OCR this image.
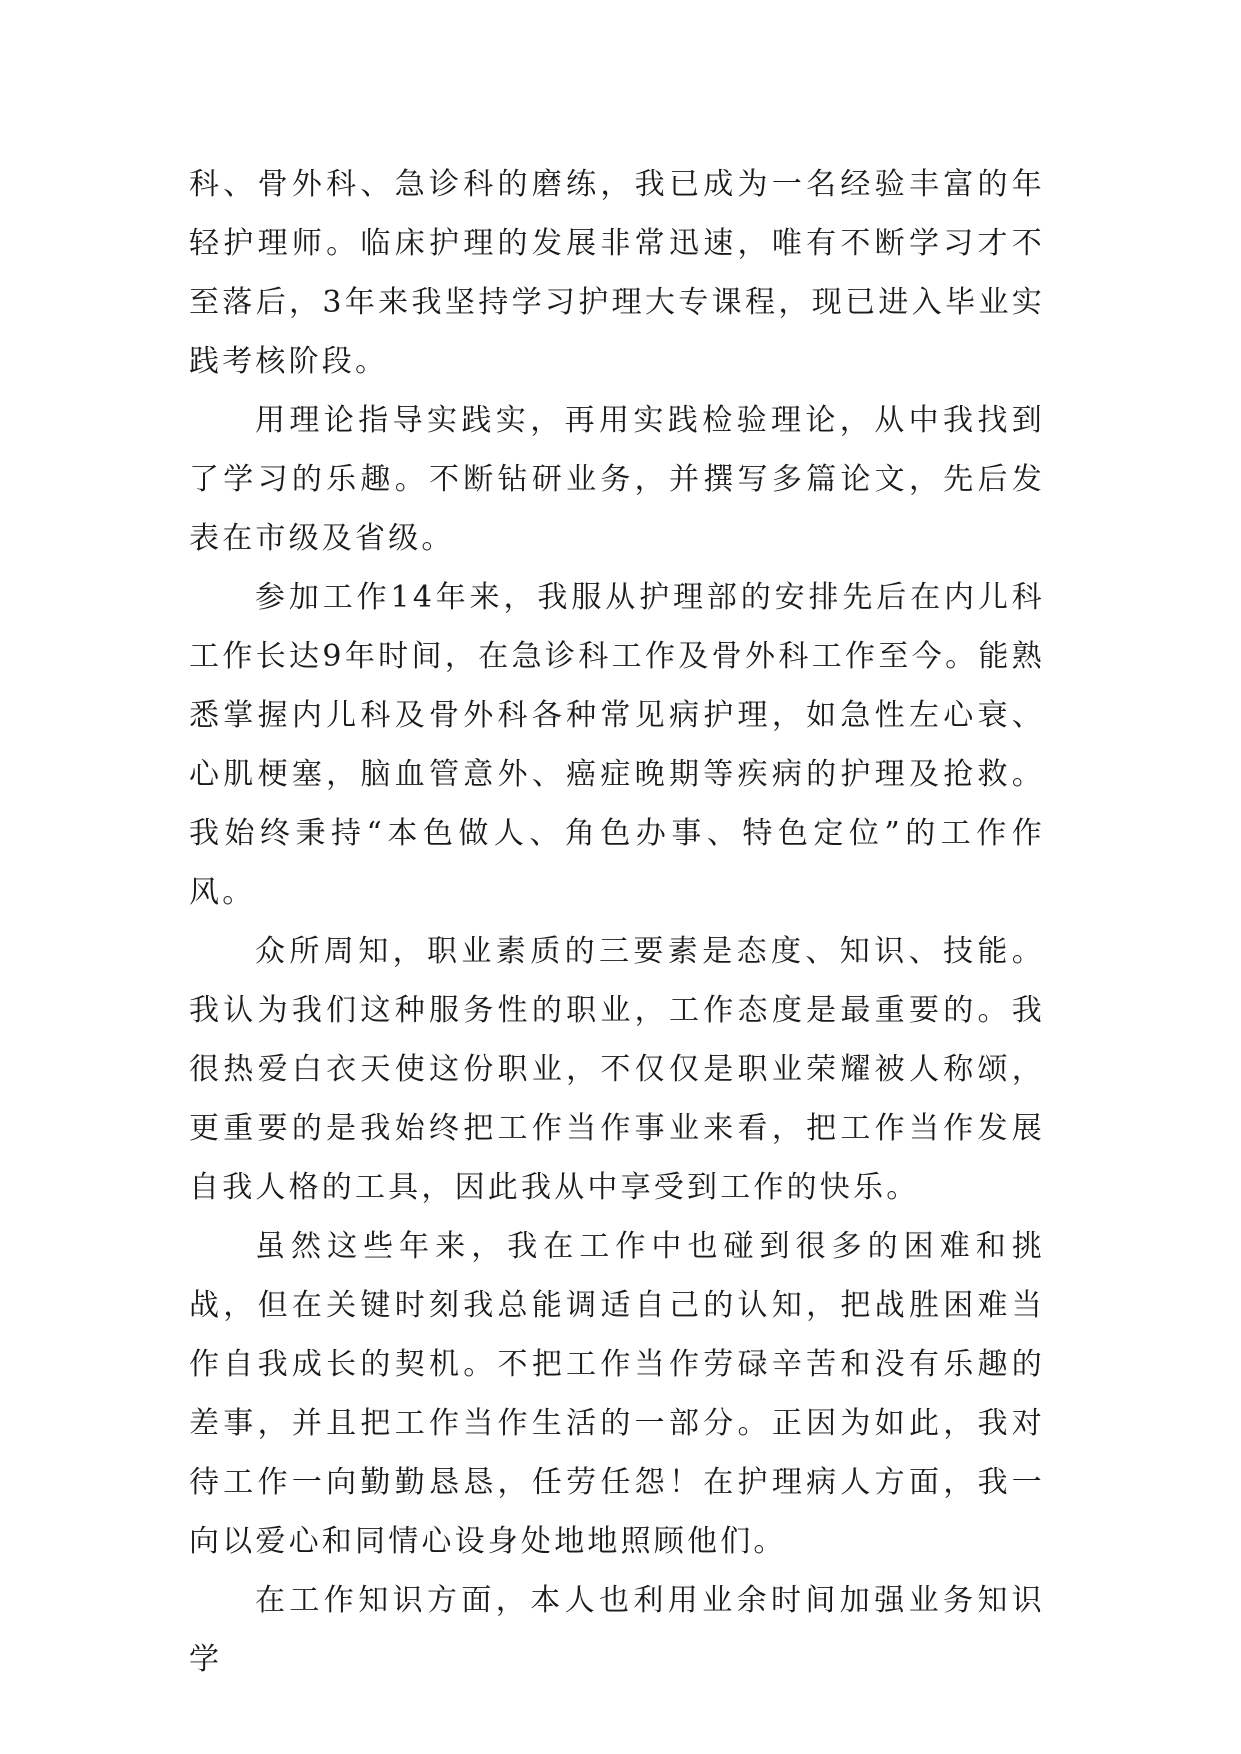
科、骨外科、急诊科的磨练，我已成为一名经验丰富的年轻护理师。临床护理的发展非常迅速，唯有不断学习才不至落后，3年来我坚持学习护理大专课程，现已进入毕业实践考核阶段。

用理论指导实践实，再用实践检验理论，从中我找到了学习的乐趣。不断钻研业务，并撰写多篇论文，先后发表在市级及省级。

参加工作14年来，我服从护理部的安排先后在内儿科工作长达9年时间，在急诊科工作及骨外科工作至今。能熟悉掌握内儿科及骨外科各种常见病护理，如急性左心衰、心肌梗塞，脑血管意外、癌症晚期等疾病的护理及抢救。我始终秉持“本色做人、角色办事、特色定位”的工作作风。

众所周知，职业素质的三要素是态度、知识、技能。我认为我们这种服务性的职业，工作态度是最重要的。我很热爱白衣天使这份职业，不仅仅是职业荣耀被人称颂，更重要的是我始终把工作当作事业来看，把工作当作发展自我人格的工具，因此我从中享受到工作的快乐。

虽然这些年来，我在工作中也碰到很多的困难和挑战，但在关键时刻我总能调适自己的认知，把战胜困难当作自我成长的契机。不把工作当作劳碌辛苦和没有乐趣的差事，并且把工作当作生活的一部分。正因为如此，我对待工作一向勤勤恳恳，任劳任怨！在护理病人方面，我一向以爱心和同情心设身处地地照顾他们。

在工作知识方面，本人也利用业余时间加强业务知识学
